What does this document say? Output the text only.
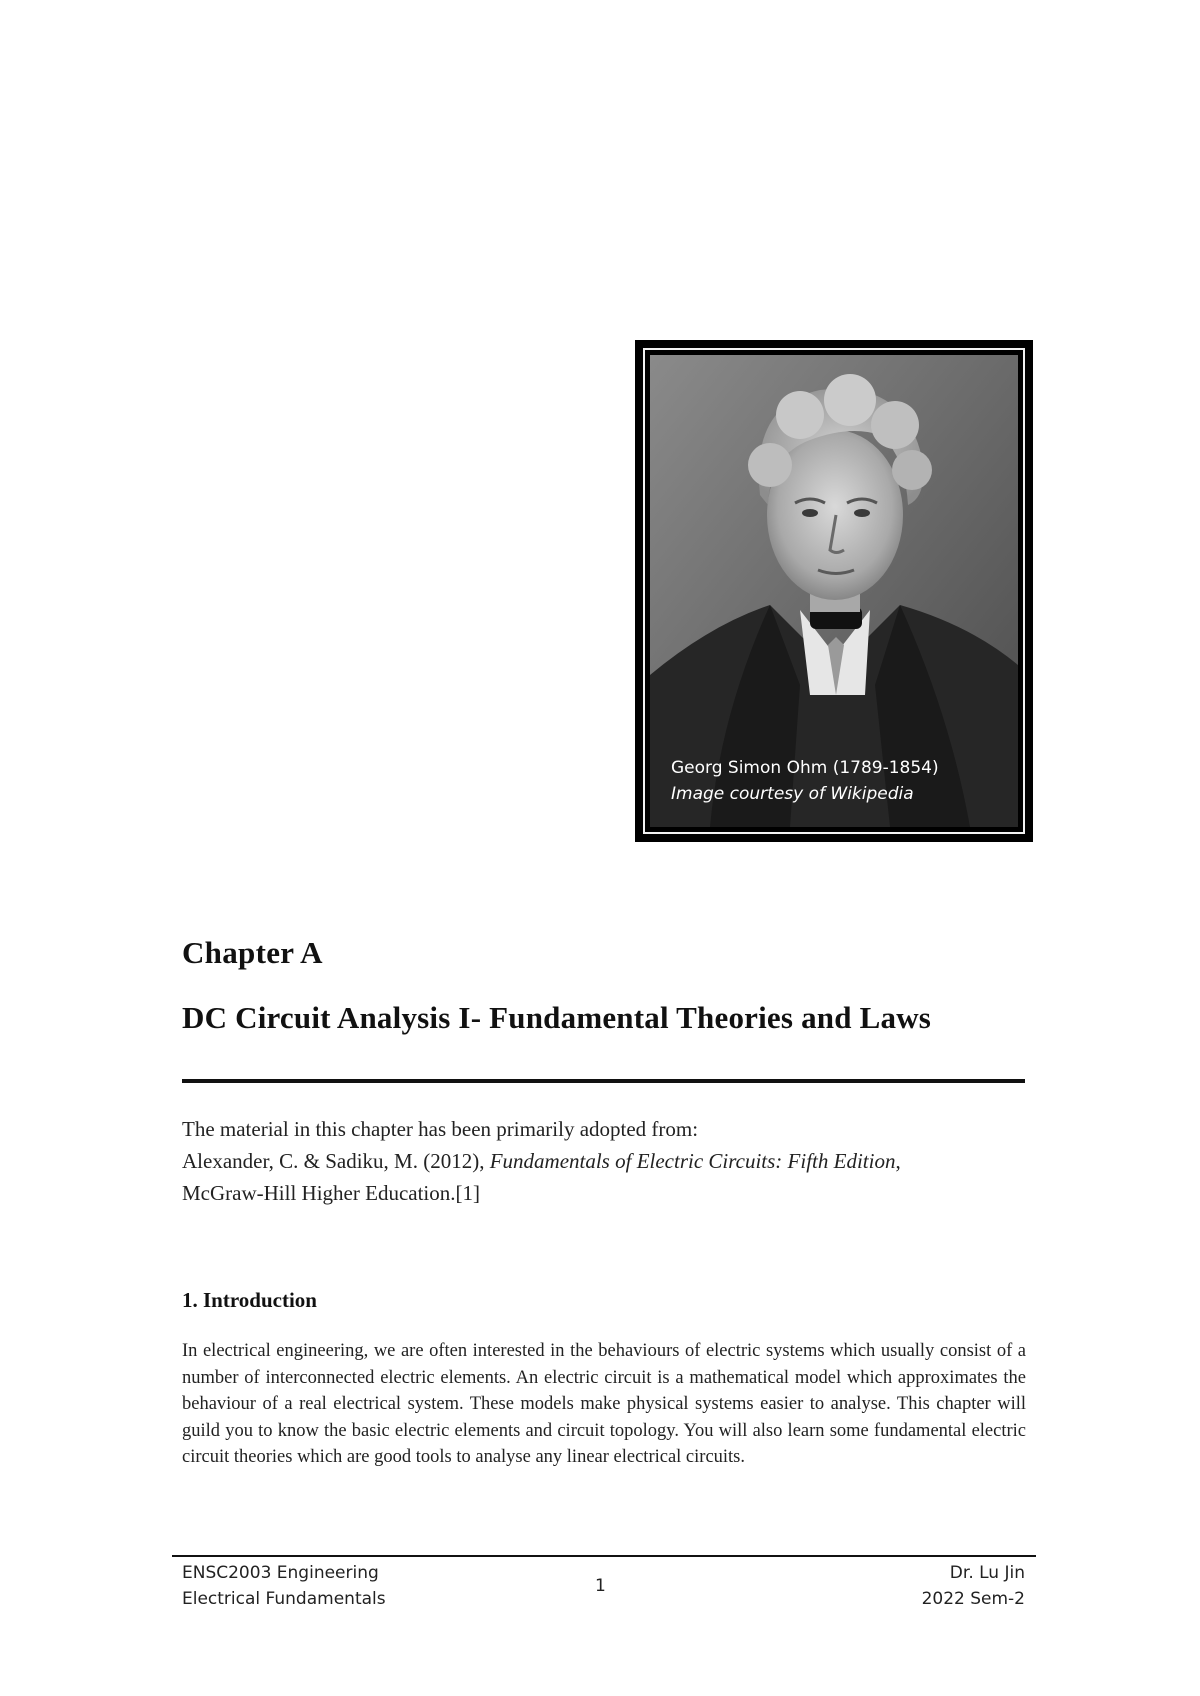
Georg Simon Ohm (1789-1854)
Image courtesy of Wikipedia
Chapter A
DC Circuit Analysis I- Fundamental Theories and Laws
The material in this chapter has been primarily adopted from:
Alexander, C. & Sadiku, M. (2012), Fundamentals of Electric Circuits: Fifth Edition,
McGraw-Hill Higher Education.[1]
1. Introduction
In electrical engineering, we are often interested in the behaviours of electric systems which usually consist of a number of interconnected electric elements. An electric circuit is a mathematical model which approximates the behaviour of a real electrical system. These models make physical systems easier to analyse. This chapter will guild you to know the basic electric elements and circuit topology. You will also learn some fundamental electric circuit theories which are good tools to analyse any linear electrical circuits.
ENSC2003 Engineering
Electrical Fundamentals
1
Dr. Lu Jin
2022 Sem-2
